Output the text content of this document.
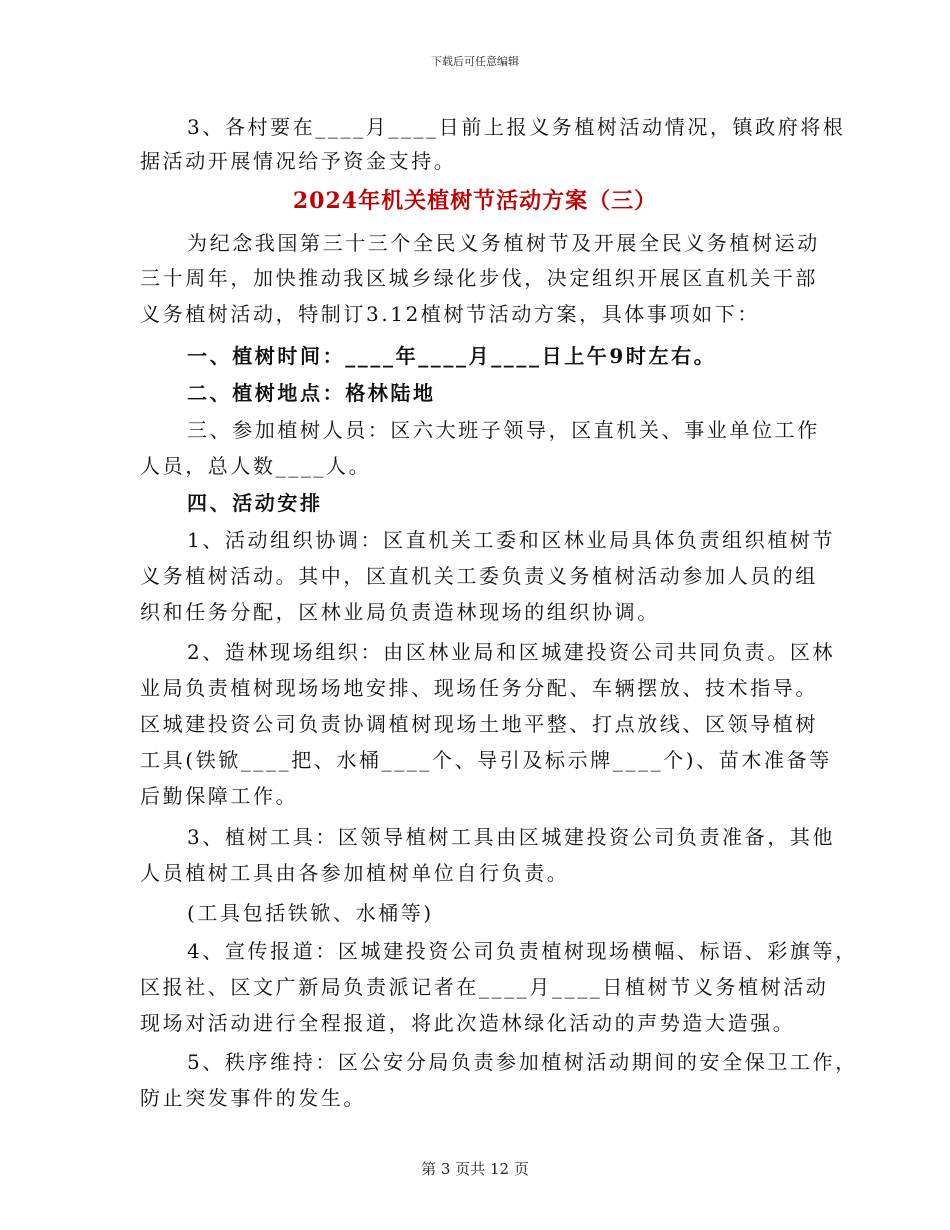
下载后可任意编辑
3、各村要在____月____日前上报义务植树活动情况，镇政府将根
据活动开展情况给予资金支持。
2024年机关植树节活动方案（三）
为纪念我国第三十三个全民义务植树节及开展全民义务植树运动
三十周年，加快推动我区城乡绿化步伐，决定组织开展区直机关干部
义务植树活动，特制订3.12植树节活动方案，具体事项如下：
一、植树时间：____年____月____日上午9时左右。
二、植树地点：格林陆地
三、参加植树人员：区六大班子领导，区直机关、事业单位工作
人员，总人数____人。
四、活动安排
1、活动组织协调：区直机关工委和区林业局具体负责组织植树节
义务植树活动。其中，区直机关工委负责义务植树活动参加人员的组
织和任务分配，区林业局负责造林现场的组织协调。
2、造林现场组织：由区林业局和区城建投资公司共同负责。区林
业局负责植树现场场地安排、现场任务分配、车辆摆放、技术指导。
区城建投资公司负责协调植树现场土地平整、打点放线、区领导植树
工具(铁锨____把、水桶____个、导引及标示牌____个)、苗木准备等
后勤保障工作。
3、植树工具：区领导植树工具由区城建投资公司负责准备，其他
人员植树工具由各参加植树单位自行负责。
(工具包括铁锨、水桶等)
4、宣传报道：区城建投资公司负责植树现场横幅、标语、彩旗等，
区报社、区文广新局负责派记者在____月____日植树节义务植树活动
现场对活动进行全程报道，将此次造林绿化活动的声势造大造强。
5、秩序维持：区公安分局负责参加植树活动期间的安全保卫工作，
防止突发事件的发生。
第 3 页共 12 页
